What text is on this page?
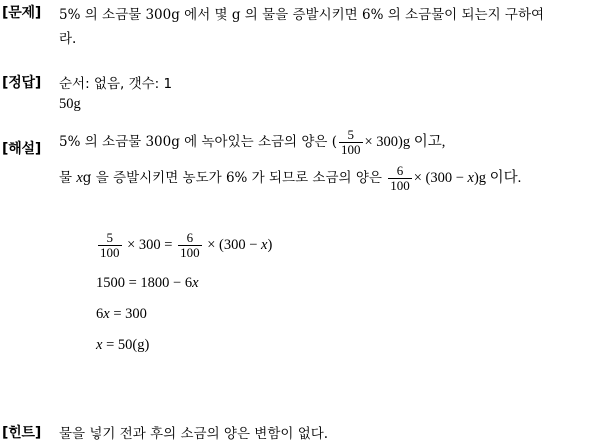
[문제] 5% 의 소금물 300g 에서 몇 g 의 물을 증발시키면 6% 의 소금물이 되는지 구하여
라.
[정답] 순서: 없음, 갯수: 1
50g
[해설] 5% 의 소금물 300g 에 녹아있는 소금의 양은 ( $\frac{5}{100} \times 300)g$ 이고,
물 xg 을 증발시키면 농도가 6% 가 되므로 소금의 양은 $\frac{6}{100} \times (300 - x)g$ 이다.
$\frac{5}{100} \times 300 = \frac{6}{100} \times (300 - x)$
1500 = 1800 − 6x
6x = 300
x = 50(g)
[힌트] 물을 넣기 전과 후의 소금의 양은 변함이 없다.
